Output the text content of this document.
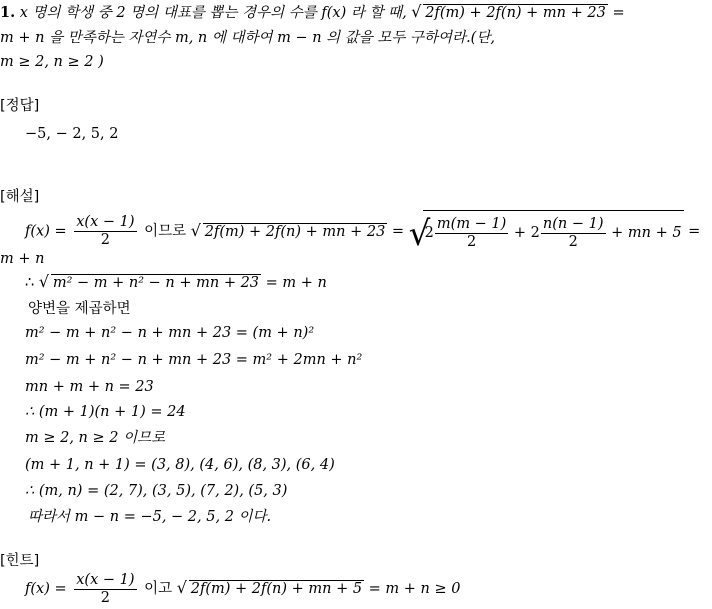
1. x 명의 학생 중 2 명의 대표를 뽑는 경우의 수를 f(x) 라 할 때, √ 2f(m) + 2f(n) + mn + 23 =
m + n 을 만족하는 자연수 m, n 에 대하여 m − n 의 값을 모두 구하여라.(단,
m ≥ 2, n ≥ 2 )
[정답]
−5, − 2, 5, 2
[해설]
$f(x) = \frac{x(x - 1)}{2}$ 이므로 √ 2f(m) + 2f(n) + mn + 23 = √ $2 \frac{m(m - 1)}{2} + 2 \frac{n(n - 1)}{2}$ + mn + 5 =
m + n
∴ √ m² − m + n² − n + mn + 23 = m + n
양변을 제곱하면
m² − m + n² − n + mn + 23 = (m + n)²
m² − m + n² − n + mn + 23 = m² + 2mn + n²
mn + m + n = 23
∴ (m + 1)(n + 1) = 24
m ≥ 2, n ≥ 2 이므로
(m + 1, n + 1) = (3, 8), (4, 6), (8, 3), (6, 4)
∴ (m, n) = (2, 7), (3, 5), (7, 2), (5, 3)
따라서 m − n = −5, − 2, 5, 2 이다.
[힌트]
$f(x) = \frac{x(x - 1)}{2}$ 이고 √ 2f(m) + 2f(n) + mn + 5 = m + n ≥ 0
